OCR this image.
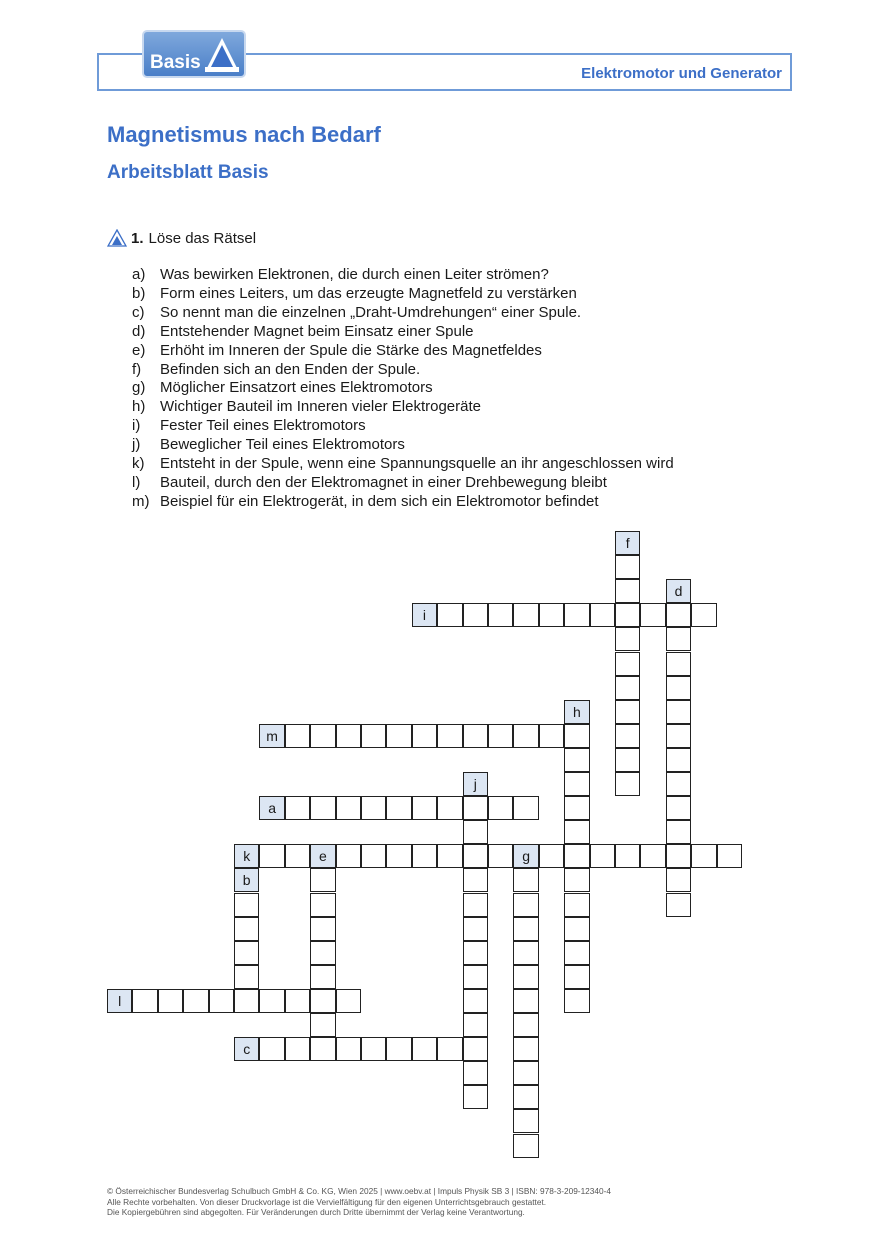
Elektromotor und Generator
Basis
Magnetismus nach Bedarf
Arbeitsblatt Basis
1. Löse das Rätsel
a) Was bewirken Elektronen, die durch einen Leiter strömen?
b) Form eines Leiters, um das erzeugte Magnetfeld zu verstärken
c)	So nennt man die einzelnen „Draht-Umdrehungen“ einer Spule.
d) Entstehender Magnet beim Einsatz einer Spule
e) Erhöht im Inneren der Spule die Stärke des Magnetfeldes
f)	Befinden sich an den Enden der Spule.
g) Möglicher Einsatzort eines Elektromotors
h) Wichtiger Bauteil im Inneren vieler Elektrogeräte
i)	Fester Teil eines Elektromotors
j)	Beweglicher Teil eines Elektromotors
k)	Entsteht in der Spule, wenn eine Spannungsquelle an ihr angeschlossen wird
l)	Bauteil, durch den der Elektromagnet in einer Drehbewegung bleibt
m) Beispiel für ein Elektrogerät, in dem sich ein Elektromotor befindet
a
b
c
d
e
f
g
h
i
j
k
l
m
© Österreichischer Bundesverlag Schulbuch GmbH & Co. KG, Wien 2025 | www.oebv.at | Impuls Physik SB 3 | ISBN: 978-3-209-12340-4
Alle Rechte vorbehalten. Von dieser Druckvorlage ist die Vervielfältigung für den eigenen Unterrichtsgebrauch gestattet.
Die Kopiergebühren sind abgegolten. Für Veränderungen durch Dritte übernimmt der Verlag keine Verantwortung.
